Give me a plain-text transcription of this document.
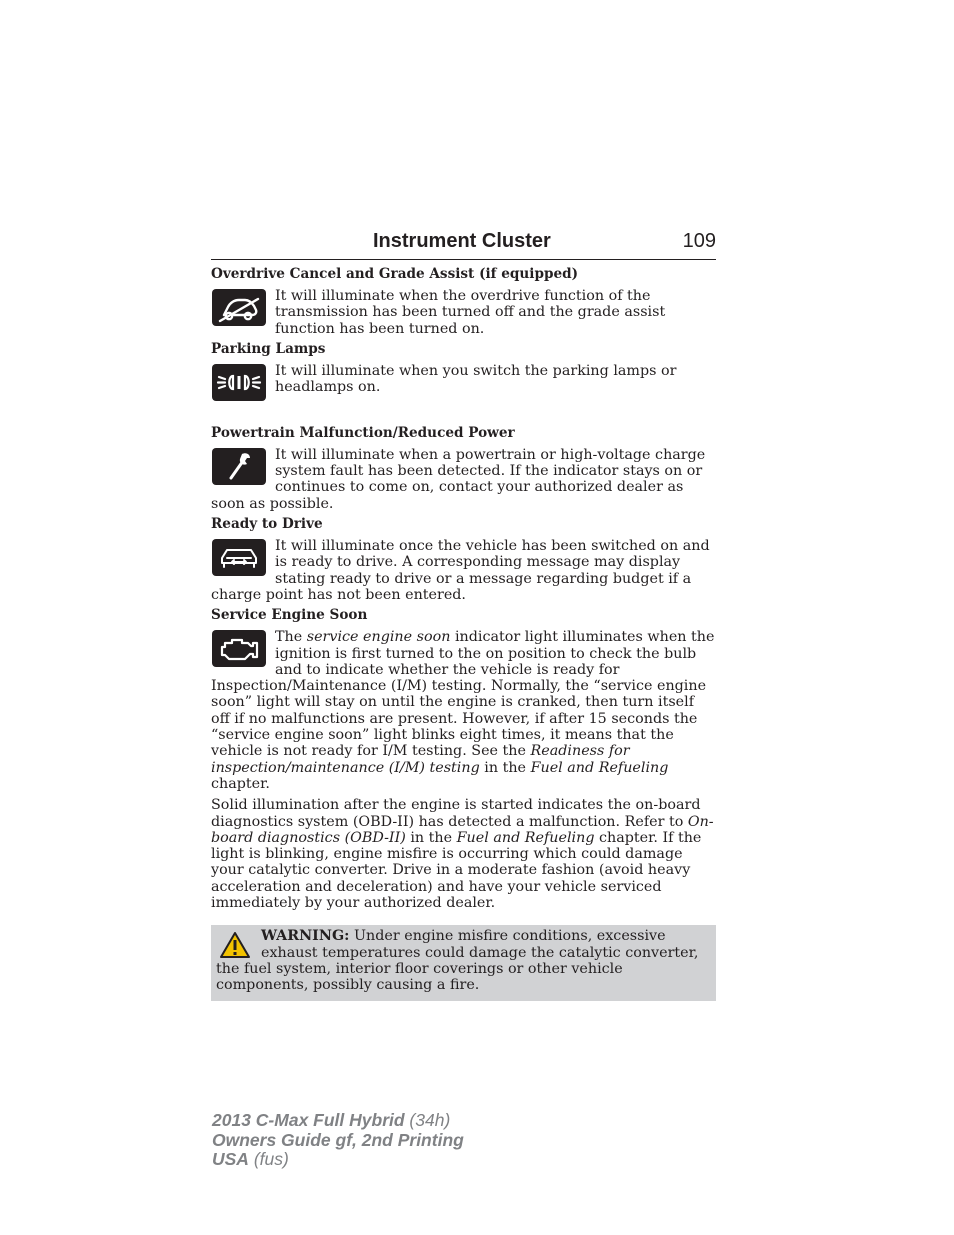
Instrument Cluster	109

Overdrive Cancel and Grade Assist (if equipped)

It will illuminate when the overdrive function of the transmission has been turned off and the grade assist function has been turned on.

Parking Lamps

It will illuminate when you switch the parking lamps or headlamps on.

Powertrain Malfunction/Reduced Power

It will illuminate when a powertrain or high-voltage charge system fault has been detected. If the indicator stays on or continues to come on, contact your authorized dealer as soon as possible.

Ready to Drive

It will illuminate once the vehicle has been switched on and is ready to drive. A corresponding message may display stating ready to drive or a message regarding budget if a charge point has not been entered.

Service Engine Soon

The service engine soon indicator light illuminates when the ignition is first turned to the on position to check the bulb and to indicate whether the vehicle is ready for Inspection/Maintenance (I/M) testing. Normally, the “service engine soon” light will stay on until the engine is cranked, then turn itself off if no malfunctions are present. However, if after 15 seconds the “service engine soon” light blinks eight times, it means that the vehicle is not ready for I/M testing. See the Readiness for inspection/maintenance (I/M) testing in the Fuel and Refueling chapter.

Solid illumination after the engine is started indicates the on-board diagnostics system (OBD-II) has detected a malfunction. Refer to On-board diagnostics (OBD-II) in the Fuel and Refueling chapter. If the light is blinking, engine misfire is occurring which could damage your catalytic converter. Drive in a moderate fashion (avoid heavy acceleration and deceleration) and have your vehicle serviced immediately by your authorized dealer.

WARNING: Under engine misfire conditions, excessive exhaust temperatures could damage the catalytic converter, the fuel system, interior floor coverings or other vehicle components, possibly causing a fire.

2013 C-Max Full Hybrid (34h)
Owners Guide gf, 2nd Printing
USA (fus)
